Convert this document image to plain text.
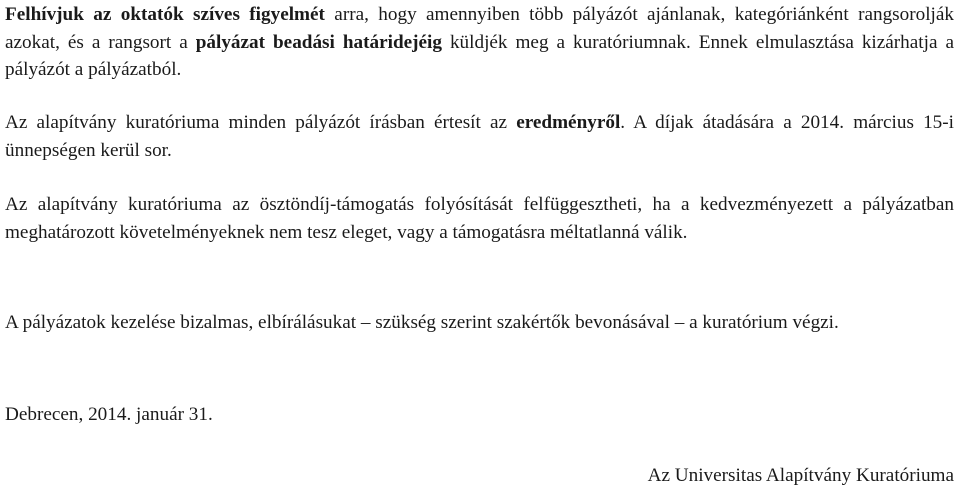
Felhívjuk az oktatók szíves figyelmét arra, hogy amennyiben több pályázót ajánlanak, kategóriánként rangsorolják azokat, és a rangsort a pályázat beadási határidejéig küldjék meg a kuratóriumnak. Ennek elmulasztása kizárhatja a pályázót a pályázatból.

Az alapítvány kuratóriuma minden pályázót írásban értesít az eredményről. A díjak átadására a 2014. március 15-i ünnepségen kerül sor.

Az alapítvány kuratóriuma az ösztöndíj-támogatás folyósítását felfüggesztheti, ha a kedvezményezett a pályázatban meghatározott követelményeknek nem tesz eleget, vagy a támogatásra méltatlanná válik.

A pályázatok kezelése bizalmas, elbírálásukat – szükség szerint szakértők bevonásával – a kuratórium végzi.

Debrecen, 2014. január 31.

Az Universitas Alapítvány Kuratóriuma
